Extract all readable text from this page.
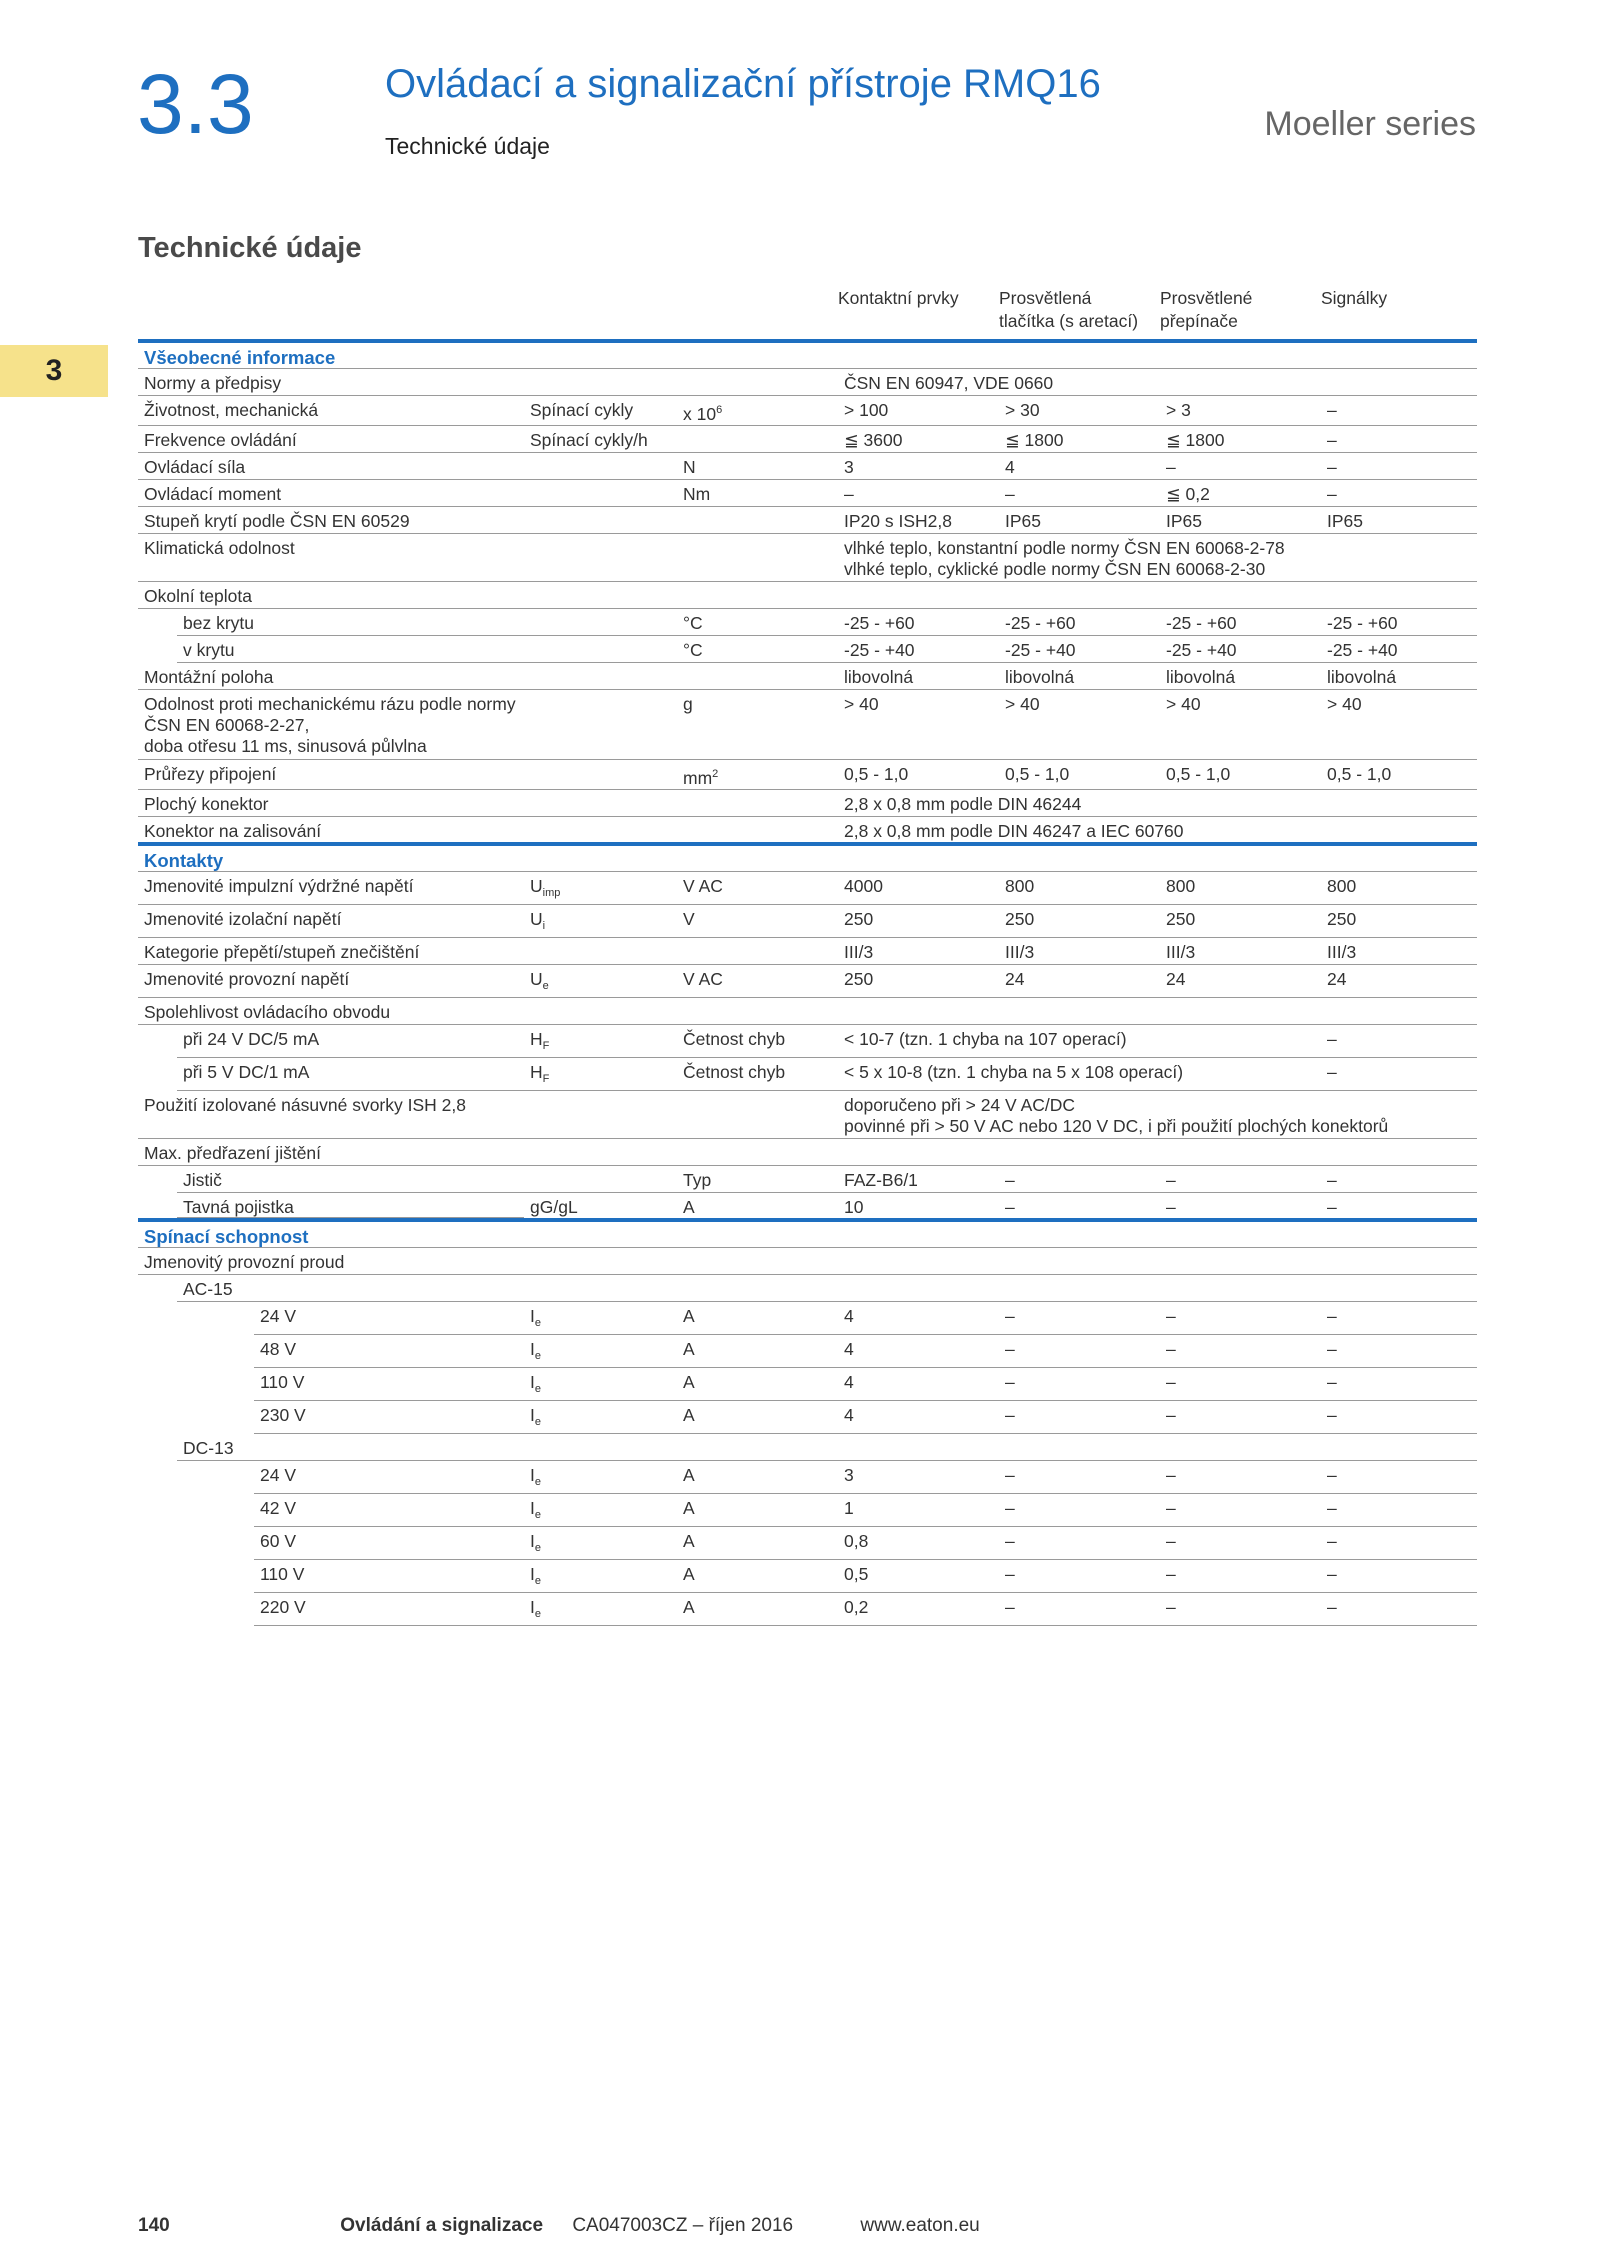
3.3	Ovládací a signalizační přístroje RMQ16
Technické údaje
Moeller series
3
Technické údaje
Kontaktní prvky	Prosvětlená
tlačítka (s aretací)
Prosvětlené
přepínače
Signálky
Všeobecné informace						
Normy a předpisy			ČSN EN 60947, VDE 0660			
Životnost, mechanická	Spínací cykly	x $10^6$	> 100	> 30	> 3	–
Frekvence ovládání	Spínací cykly/h		≦ 3600	≦ 1800	≦ 1800	–
Ovládací síla		N	3	4	–	–
Ovládací moment		Nm	–	–	≦ 0,2	–
Stupeň krytí podle ČSN EN 60529			IP20 s ISH2,8	IP65	IP65	IP65
Klimatická odolnost			vlhké teplo, konstantní podle normy ČSN EN 60068-2-78
vlhké teplo, cyklické podle normy ČSN EN 60068-2-30			
Okolní teplota						
bez krytu		°C	-25 - +60	-25 - +60	-25 - +60	-25 - +60
v krytu		°C	-25 - +40	-25 - +40	-25 - +40	-25 - +40
Montážní poloha			libovolná	libovolná	libovolná	libovolná
Odolnost proti mechanickému rázu podle normy
ČSN EN 60068-2-27,
doba otřesu 11 ms, sinusová půlvlna		g	> 40	> 40	> 40	> 40
Průřezy připojení		$mm^2$	0,5 - 1,0	0,5 - 1,0	0,5 - 1,0	0,5 - 1,0
Plochý konektor			2,8 x 0,8 mm podle DIN 46244			
Konektor na zalisování			2,8 x 0,8 mm podle DIN 46247 a IEC 60760			
Kontakty						
Jmenovité impulzní výdržné napětí	$U_{imp}$	V AC	4000	800	800	800
Jmenovité izolační napětí	$U_i$	V	250	250	250	250
Kategorie přepětí/stupeň znečištění			III/3	III/3	III/3	III/3
Jmenovité provozní napětí	$U_e$	V AC	250	24	24	24
Spolehlivost ovládacího obvodu						
při 24 V DC/5 mA	$H_F$	Četnost chyb	< 10-7 (tzn. 1 chyba na 107 operací)			–
při 5 V DC/1 mA	$H_F$	Četnost chyb	< 5 x 10-8 (tzn. 1 chyba na 5 x 108 operací)			–
Použití izolované násuvné svorky ISH 2,8			doporučeno při > 24 V AC/DC
povinné při > 50 V AC nebo 120 V DC, i při použití plochých konektorů			
Max. předřazení jištění						
Jistič		Typ	FAZ-B6/1	–	–	–
Tavná pojistka	gG/gL	A	10	–	–	–
Spínací schopnost						
Jmenovitý provozní proud						
AC-15						
24 V	$I_e$	A	4	–	–	–
48 V	$I_e$	A	4	–	–	–
110 V	$I_e$	A	4	–	–	–
230 V	$I_e$	A	4	–	–	–
DC-13						
24 V	$I_e$	A	3	–	–	–
42 V	$I_e$	A	1	–	–	–
60 V	$I_e$	A	0,8	–	–	–
110 V	$I_e$	A	0,5	–	–	–
220 V	$I_e$	A	0,2	–	–	–
140	Ovládání a signalizace CA047003CZ – říjen 2016	www.eaton.eu
